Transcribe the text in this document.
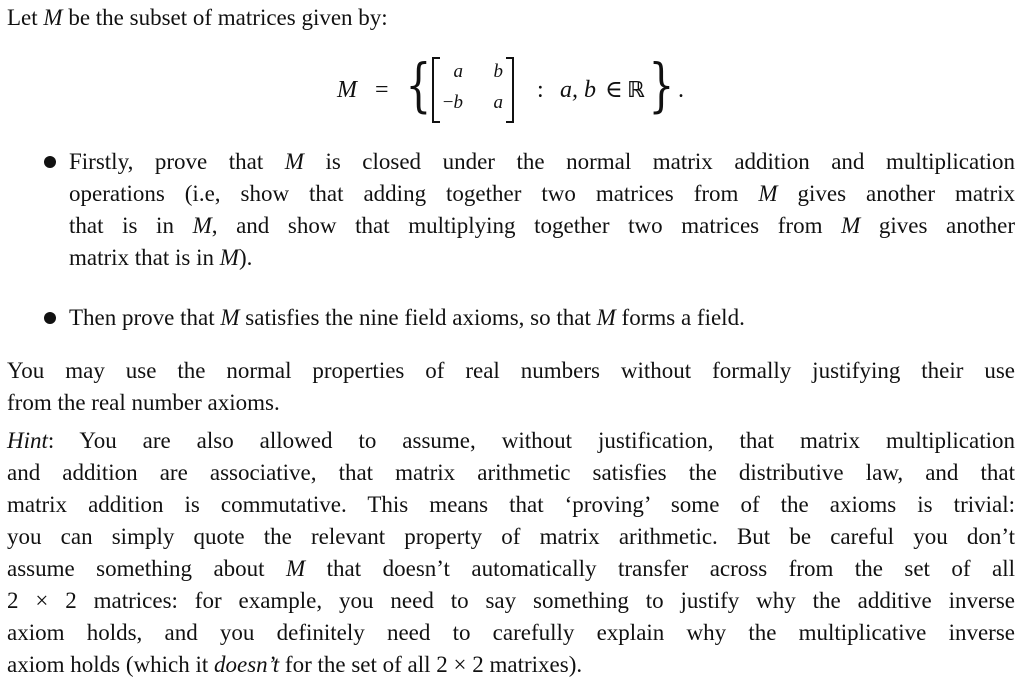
Let M be the subset of matrices given by:
M = {	a	b
−b	a : a, b ∈ ℝ } .
Firstly, prove that M is closed under the normal matrix addition and multiplication
operations (i.e, show that adding together two matrices from M gives another matrix
that is in M, and show that multiplying together two matrices from M gives another
matrix that is in M).
Then prove that M satisfies the nine field axioms, so that M forms a field.
You may use the normal properties of real numbers without formally justifying their use
from the real number axioms.
Hint: You are also allowed to assume, without justification, that matrix multiplication
and addition are associative, that matrix arithmetic satisfies the distributive law, and that
matrix addition is commutative. This means that ‘proving’ some of the axioms is trivial:
you can simply quote the relevant property of matrix arithmetic. But be careful you don’t
assume something about M that doesn’t automatically transfer across from the set of all
2 × 2 matrices: for example, you need to say something to justify why the additive inverse
axiom holds, and you definitely need to carefully explain why the multiplicative inverse
axiom holds (which it doesn’t for the set of all 2 × 2 matrixes).
